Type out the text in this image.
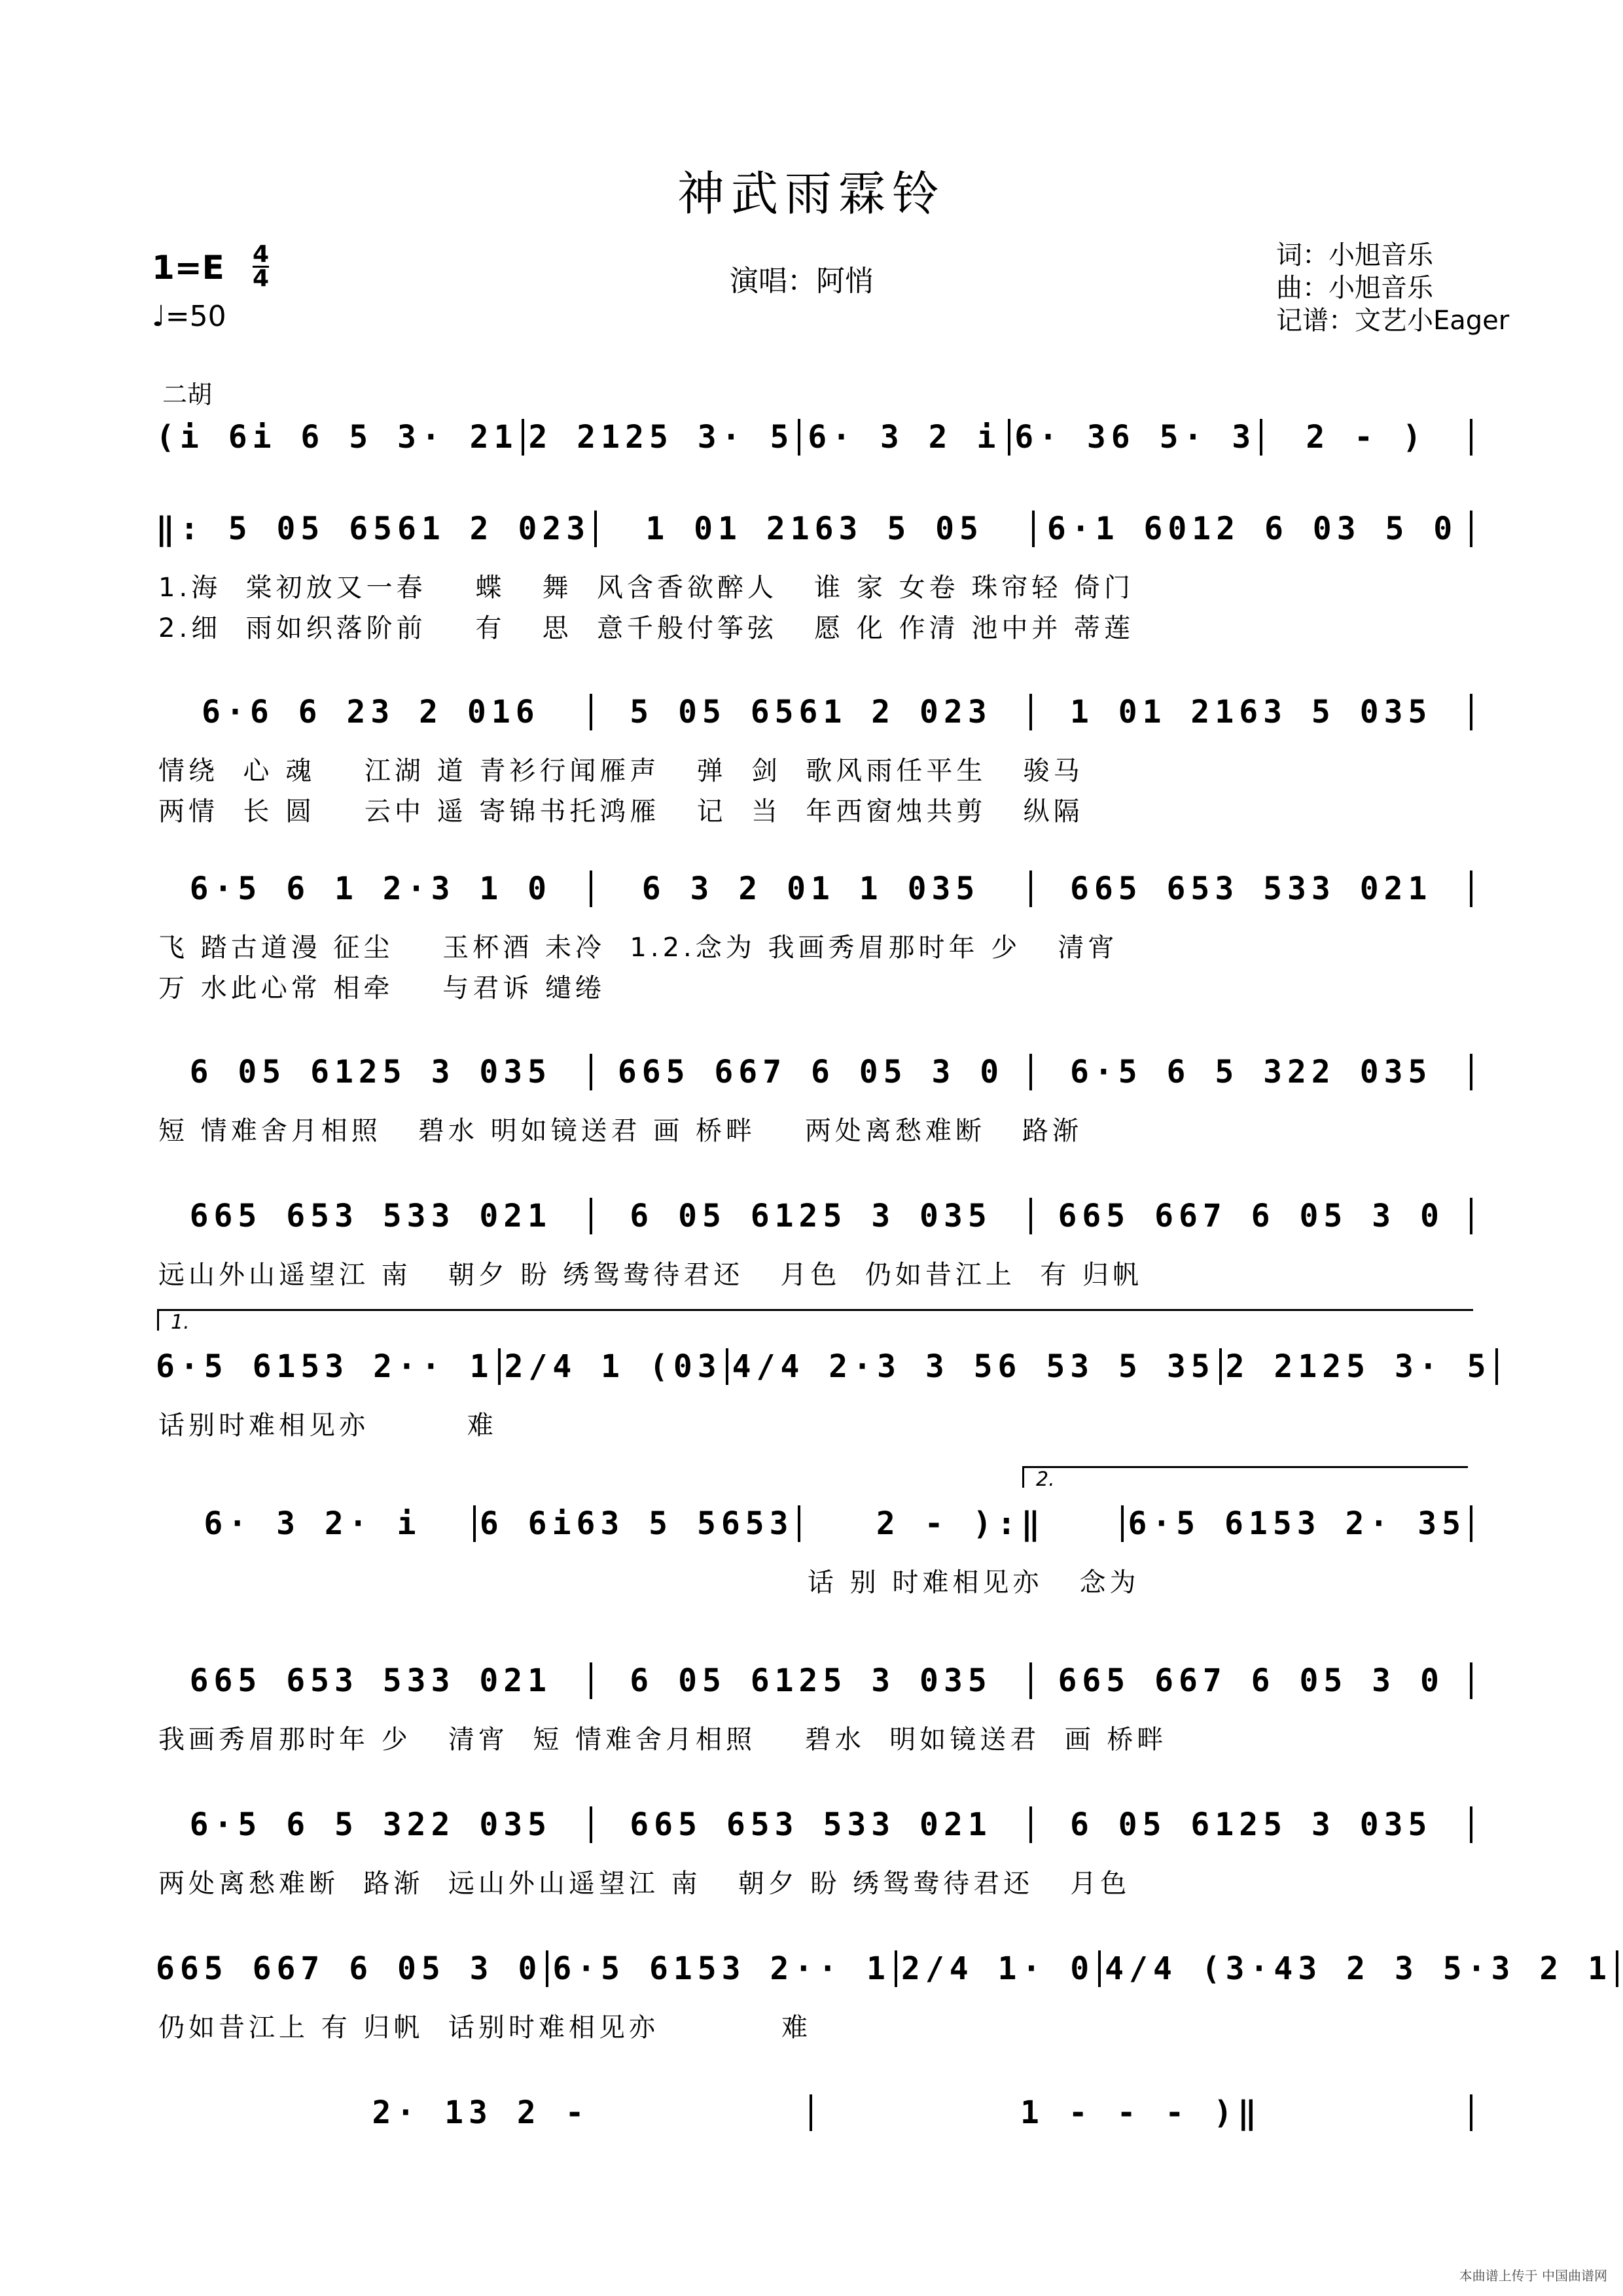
神武雨霖铃
1=E 4
4
♩=50
演唱：阿悄
词：小旭音乐
曲：小旭音乐
记谱：文艺小Eager
二胡
(i 6i 6 5 3· 21 2 2125 3· 5 6· 3 2 i 6· 36 5· 3	2 - )
‖: 5 05 6561 2 023	1 01 2163 5 05	6·1 6012 6 03 5 0
1.海  棠初放又一春    蝶   舞  风含香欲醉人   谁 家 女卷 珠帘轻 倚门
2.细  雨如织落阶前    有   思  意千般付筝弦   愿 化 作清 池中并 蒂莲
6·6 6 23 2 016	5 05 6561 2 023	1 01 2163 5 035
情绕  心 魂    江湖 道 青衫行闻雁声   弹  剑  歌风雨任平生   骏马
两情  长 圆    云中 遥 寄锦书托鸿雁   记  当  年西窗烛共剪   纵隔
6·5 6 1 2·3 1 0	6 3 2 01 1 035	665 653 533 021
飞 踏古道漫 征尘    玉杯酒 未冷  1.2.念为 我画秀眉那时年 少   清宵
万 水此心常 相牵    与君诉 缱绻
6 05 6125 3 035	665 667 6 05 3 0	6·5 6 5 322 035
短 情难舍月相照   碧水 明如镜送君 画 桥畔    两处离愁难断   路渐
665 653 533 021	6 05 6125 3 035	665 667 6 05 3 0
远山外山遥望江 南   朝夕 盼 绣鸳鸯待君还   月色  仍如昔江上  有 归帆
6·5 6153 2·· 1 2/4 1 (03 4/4 2·3 3 56 53 5 35 2 2125 3· 5
1.
话别时难相见亦        难
6· 3 2· i	6 6i63 5 5653	2 - ):‖	6·5 6153 2· 35
2.
话 别 时难相见亦   念为
665 653 533 021	6 05 6125 3 035	665 667 6 05 3 0
我画秀眉那时年 少   清宵  短 情难舍月相照    碧水  明如镜送君  画 桥畔
6·5 6 5 322 035	665 653 533 021	6 05 6125 3 035
两处离愁难断  路渐  远山外山遥望江 南   朝夕 盼 绣鸳鸯待君还   月色
665 667 6 05 3 0 6·5 6153 2·· 1 2/4 1· 0 4/4 (3·43 2 3 5·3 2 1
仍如昔江上 有 归帆  话别时难相见亦          难
2· 13 2 -	1 - - - )‖
本曲谱上传于 中国曲谱网
